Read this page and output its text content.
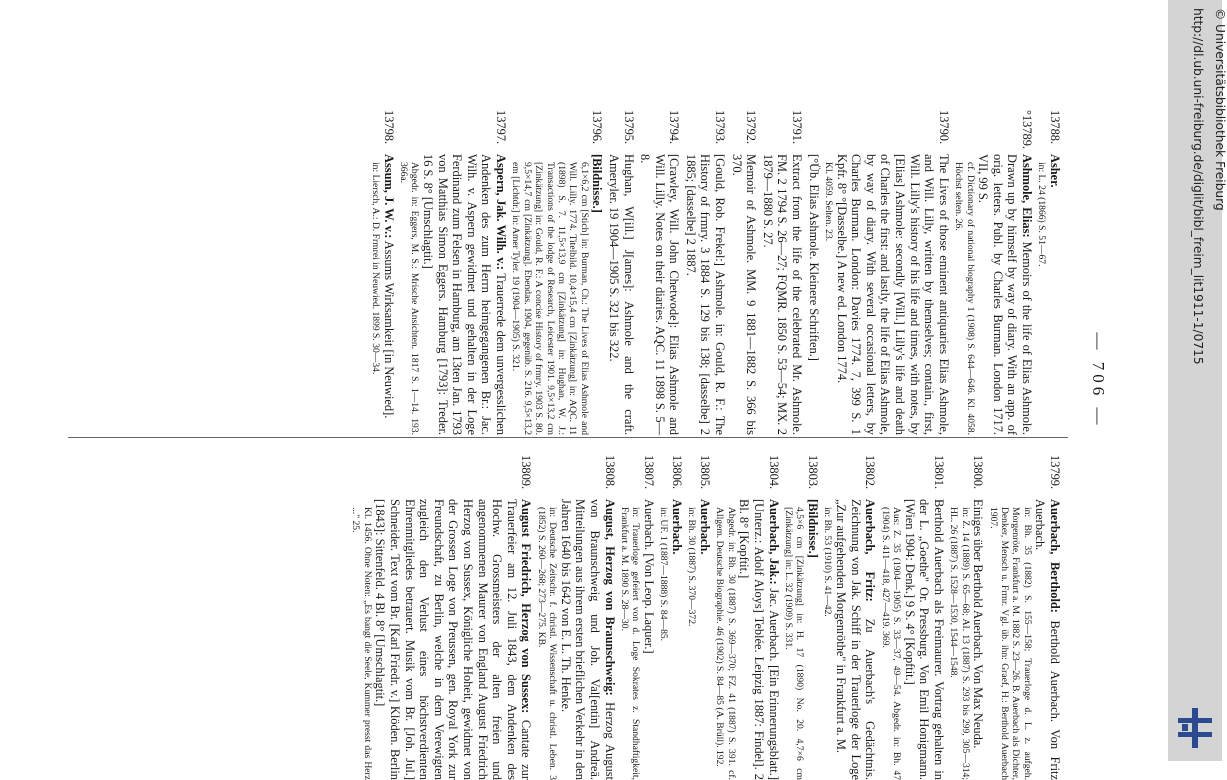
— 706 —
13788.
Asher.
in: L. 24 (1866) S. 51—67.
°13789.
Ashmole, Elias: Memoirs of the life of Elias Ashmole. Drawn up by himself by way of diary. With an app. of orig. letters. Publ. by Charles Burman. London 1717. VII, 99 S.
cf. Dictionary of national biography 1 (1908) S. 644—646. Kl. 4058. Höchst selten. 26.
13790.
The Lives of those eminent antiquaries Elias Ashmole, and Will. Lilly, written by themselves; contain., first, Will. Lilly's history of his life and times, with notes, by [Elias] Ashmole: secondly [Will.] Lilly's life and death of Charles the first: and lastly, the life of Elias Ashmole, by way of diary. With several occasional letters, by Charles Burman. London: Davies 1774. 7, 399 S. 1 Kpfr. 8° °[Dasselbe.] A new ed. London 1774.
Kl. 4059. Selten. 23.
[°Üb. Elias Ashmole. Kleinere Schriften.]
13791.
Extract from the life of the celebrated Mr. Ashmole. FM. 2 1794 S. 26—27; FQMR. 1850 S. 53—54; MX. 2 1879—1880 S. 27.
13792.
Memoir of Ashmole. MM. 9 1881—1882 S. 366 bis 370.
13793.
[Gould, Rob. Frekel:] Ashmole. in: Gould, R. F.: The History of frmry. 3 1884 S. 129 bis 138; [dasselbe] 2 1885; [dasselbe] 2 1887.
13794.
[Crawley, Will. John Chetwode]: Elias Ashmole and Will. Lilly. Notes on their diaries. AQC. 11 1898 S. 5—8.
13795.
Hughan, W[ill.] J[ames]: Ashmole and the craft. Ameryler. 19 1904—1905 S. 321 bis 322.
13796.
[Bildnisse.]
6,1×6,2 cm [Stich] in: Burman, Ch.: The Lives of Elias Ashmole and Will. Lilly. 1774. Titelbild. 10,4×15,4 cm [Zinkätzung] in: AQC. 11 (1898) S. 7. 11,5×13,9 cm [Zinkätzung] in: Hughan, W. J.: Transactions of the lodge of Research, Leicester 1901. 9,5×13,2 cm [Zinkätzung] in: Gould, R. F.: A concise History of frmry. 1903 S. 80. 9,5×14,7 cm [Zinkätzung]. Ebendas. 1904, gegenüb. S. 216. 9,5×13,2 em [Lichtdr.] in: Amer Tyler. 19 (1904—1905) S. 321.
13797.
Aspern, Jak. Wilh. v.: Trauerrede dem unvergesslichen Andenken des zum Herrn heimgegangenen Br.: Jac. Wilh. v. Aspern gewidmet und gehalten in der Loge Ferdinand zum Felsen in Hamburg, am 13ten Jan. 1793 von Matthias Simon Eggers. Hamburg [1793]: Treder. 16 S. 8° [Umschlagtit.]
Abgedr. in: Eggers, M. S.: Mrische Ansichten. 1817 S. 1—14. 193. 366a.
13798.
Assum, J. W. v.: Assums Wirksamkeit [in Neuwied].
in: Liersch, A.: D. Frmrei in Neuwied. 1899 S. 30—34.
13799.
Auerbach, Berthold: Berthold Auerbach. Von Fritz Auerbach.
in: Bh. 35 (1882) S. 155—158; Trauerloge d. L. z. aufgeh. Morgenröte, Frankfurt a. M. 1882 S. 23—26. B. Auerbach als Dichter, Denker, Mensch u. Frmr. Vgl. üb. ihn: Graef, H.: Berthold Auerbach 1907.
13800.
Einiges über Berthold Auerbach. Von Max Neuda.
in: Z. 14 (1889) S. 65—68; AI. 13 (1887) S. 293 bis 299, 305—314; HL. 26 (1887) S. 1528—1530, 1544—1548.
13801.
Berthold Auerbach als Freimaurer. Vortrag gehalten in der L. „Goethe" Or. Pressburg. Von Emil Honigmann. [Wien 1904: Denk.] 9 S. 4° [Kopftit.]
Aus: Z. 35 (1904—1905) S. 33—37, 49—54. Abgedr. in: Bh. 47 (1904) S. 411—418, 427—419. 369.
13802.
Auerbach, Fritz: Zu Auerbach's Gedächtnis. Zeichnung von Jak. Schiff in der Trauerloge der Loge „Zur aufgehenden Morgenröthe" in Frankfurt a. M.
in: Bh. 53 (1910) S. 41—42.
13803.
[Bildnisse.]
4,5×6 cm [Zinkätzung] in: H. 17 (1890) No. 20. 4,7×6 cm [Zinkätzung] in: L. 32 (1909) S. 331.
13804.
Auerbach, Jak.: Jac. Auerbach. [Ein Erinnerungsblatt.] [Unterz.: Adolf Aloys] Teblée. Leipzig 1887: Findel]. 2 Bl. 8° [Kopftit.]
Abgedr. in: Bh. 30 (1887) S. 369—370; FZ. 41 (1887) S. 391. cf. Allgem. Deutsche Biographie. 46 (1902) S. 84—85 (A. Brüll). 192.
13805.
Auerbach.
in: Bh. 30 (1887) S. 370—372.
13806.
Auerbach.
in: UF. 1 (1887—1888) S. 84—85.
13807.
Auerbach. [Von Leop. Laquer.]
in: Trauerloge gefeiert von d. Loge Sokrates z. Standhaftigkeit, Frankfurt a. M. 1890 S. 28—30.
13808.
August, Herzog von Braunschweig: Herzog August von Braunschweig und Joh. Val[entin] Andreä. Mitteilungen aus ihrem ersten brieflichen Verkehr in den Jahren 1640 bis 1642 von E. L. Th. Henke.
in: Deutsche Zeitschr. f. christl. Wissenschaft u. christl. Leben. 3 (1852) S. 260—268; 273—275. KB.
13809.
August Friedrich, Herzog von Sussex: Cantate zur Trauerfeier am 12. Juli 1843, dem Andenken des Hochw. Grossmeisters der alten freien und angenommenen Maurer von England August Friedrich Herzog von Sussex, Königliche Hoheit, gewidmet von der Grossen Loge von Preussen, gen. Royal York zur Freundschaft, zu Berlin, welche in dem Verewigten zugleich den Verlust eines höchstverdienten Ehrenmitgliedes betrauert. Musik vom Br. [Joh. Jul.] Schneider. Text vom Br. [Karl Friedr. v.] Klöden. Berlin [1843]: Sittenfeld. 4 Bl. 8° [Umschlagtit.]
Kl. 1456. Ohne Noten: „Es bangt die Seele, Kummer presst das Herz ..." 25.
http://dl.ub.uni-freiburg.de/diglit/bibl_freim_lit1911-1/0715 © Universitätsbibliothek Freiburg
